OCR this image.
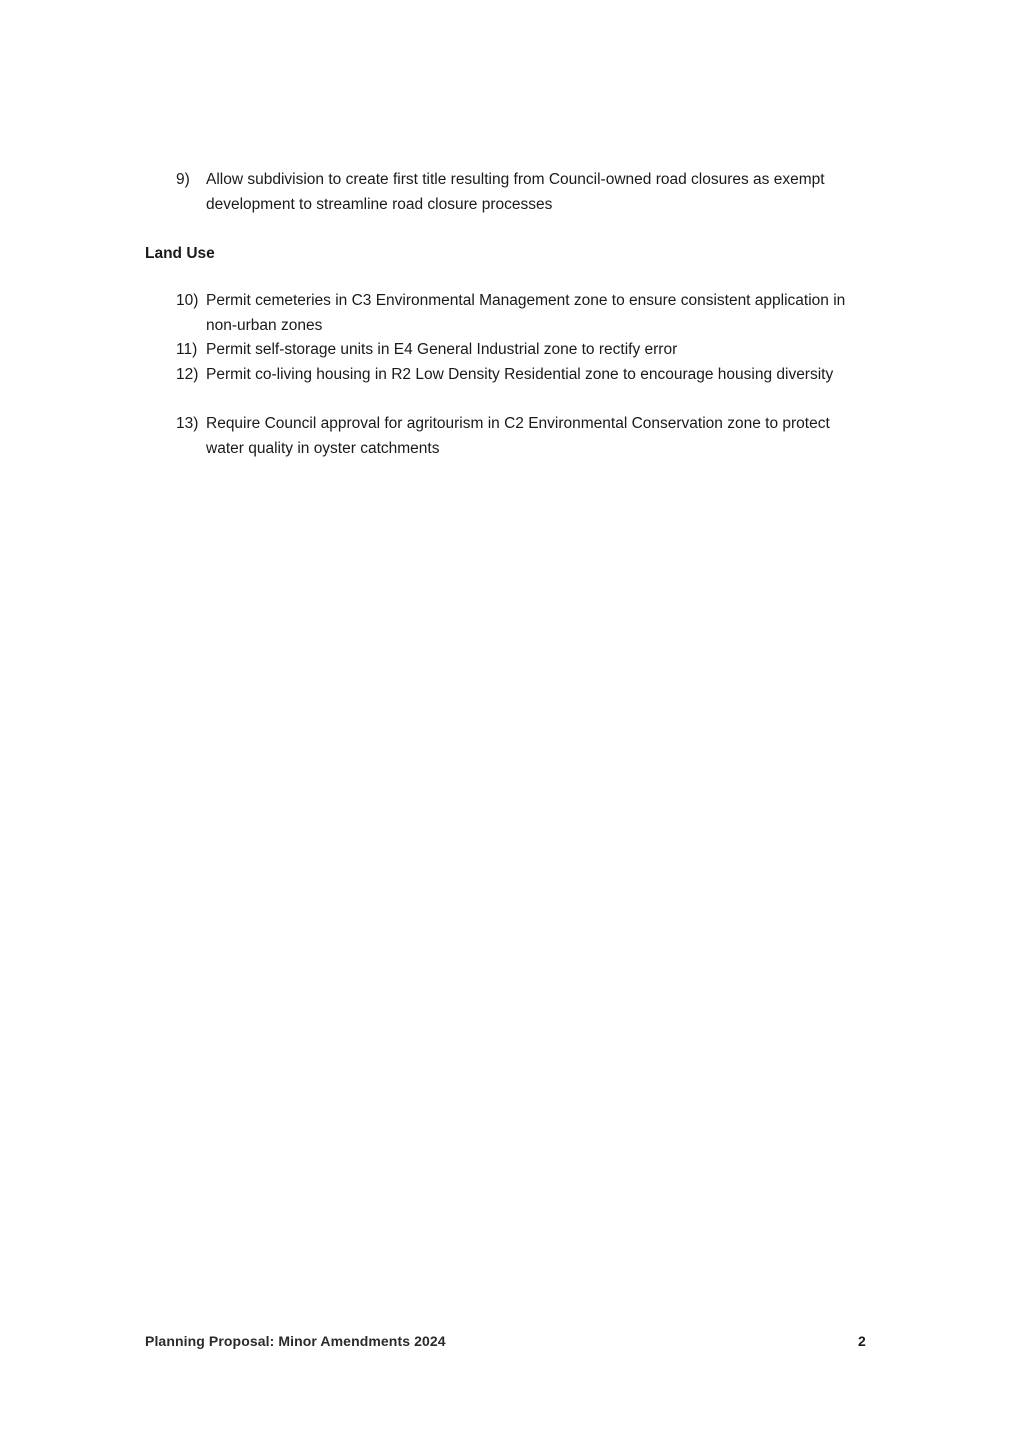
9) Allow subdivision to create first title resulting from Council-owned road closures as exempt development to streamline road closure processes
Land Use
10) Permit cemeteries in C3 Environmental Management zone to ensure consistent application in non-urban zones
11) Permit self-storage units in E4 General Industrial zone to rectify error
12) Permit co-living housing in R2 Low Density Residential zone to encourage housing diversity
13) Require Council approval for agritourism in C2 Environmental Conservation zone to protect water quality in oyster catchments
Planning Proposal: Minor Amendments 2024	2
